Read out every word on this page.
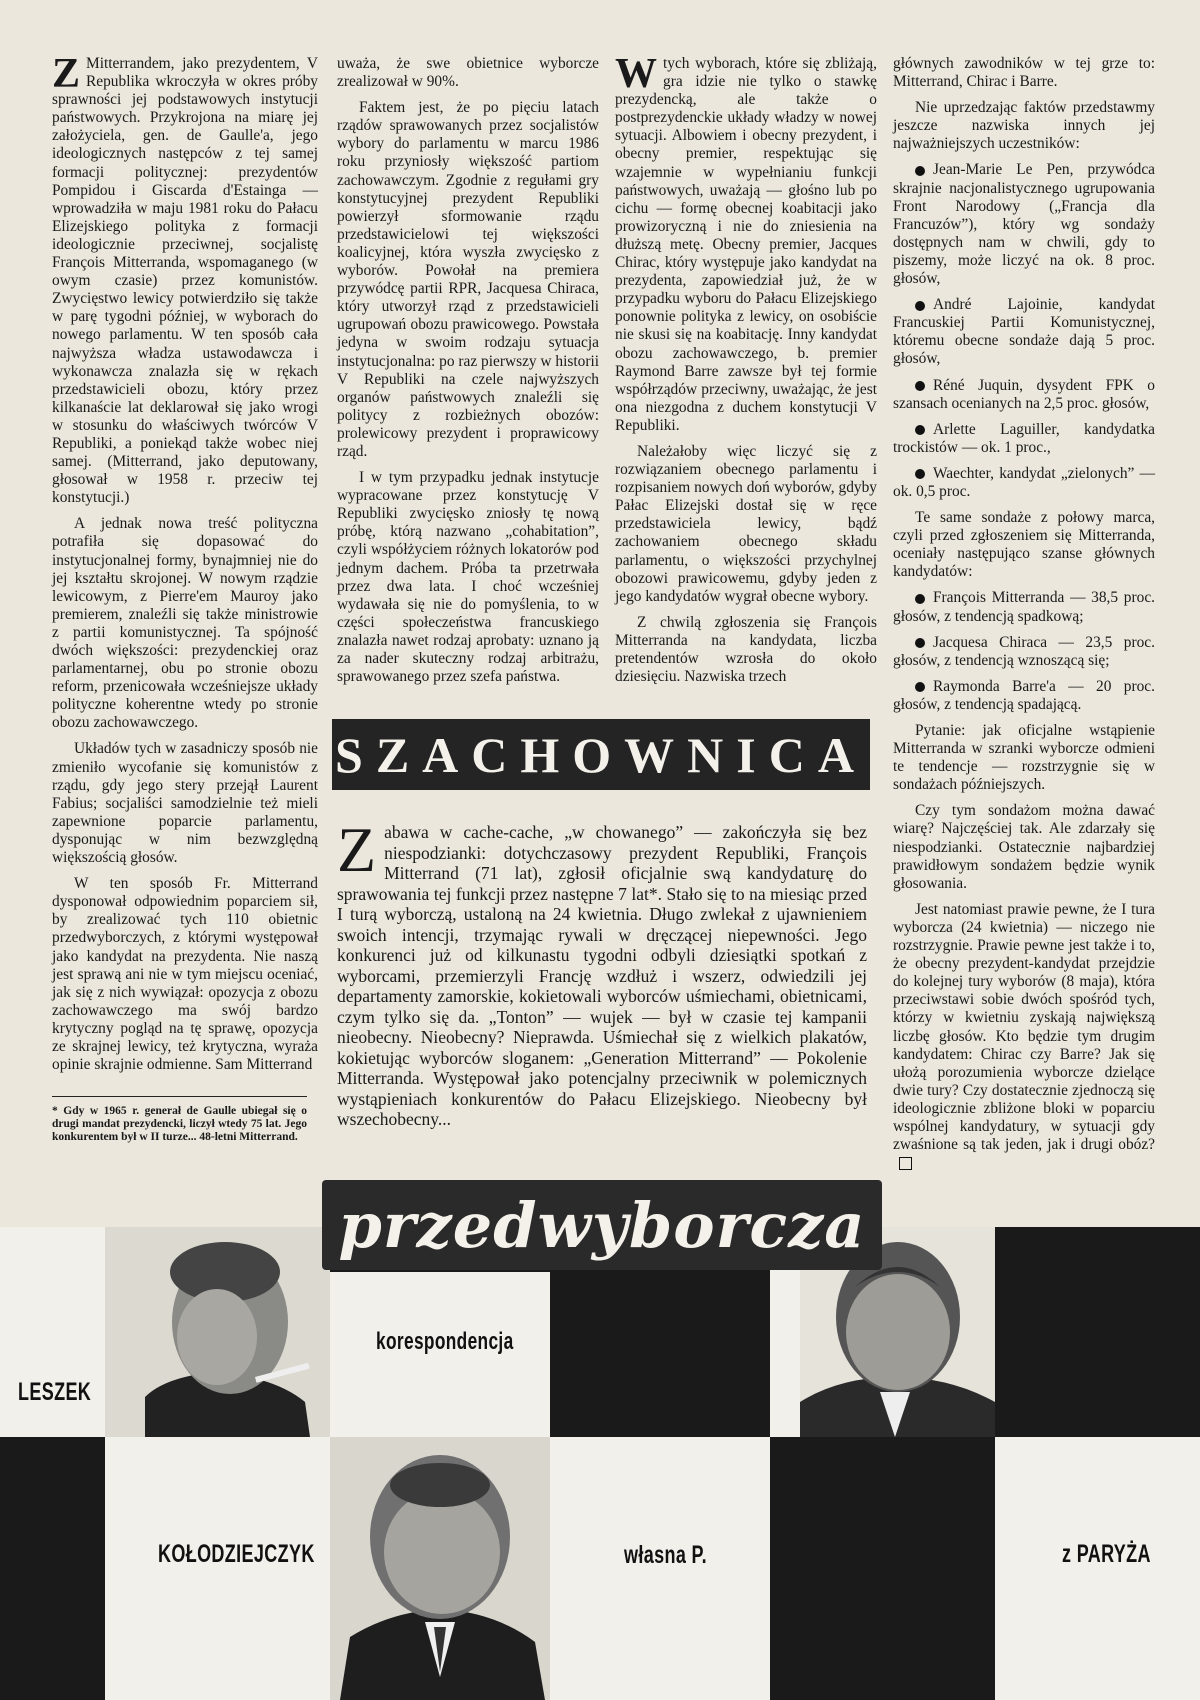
Z Mitterrandem, jako prezydentem, V Republika wkroczyła w okres próby sprawności jej podstawowych instytucji państwowych. Przykrojona na miarę jej założyciela, gen. de Gaulle'a, jego ideologicznych następców z tej samej formacji politycznej: prezydentów Pompidou i Giscarda d'Estainga — wprowadziła w maju 1981 roku do Pałacu Elizejskiego polityka z formacji ideologicznie przeciwnej, socjalistę François Mitterranda, wspomaganego (w owym czasie) przez komunistów. Zwycięstwo lewicy potwierdziło się także w parę tygodni później, w wyborach do nowego parlamentu. W ten sposób cała najwyższa władza ustawodawcza i wykonawcza znalazła się w rękach przedstawicieli obozu, który przez kilkanaście lat deklarował się jako wrogi w stosunku do właściwych twórców V Republiki, a poniekąd także wobec niej samej. (Mitterrand, jako deputowany, głosował w 1958 r. przeciw tej konstytucji.)

A jednak nowa treść polityczna potrafiła się dopasować do instytucjonalnej formy, bynajmniej nie do jej kształtu skrojonej. W nowym rządzie lewicowym, z Pierre'em Mauroy jako premierem, znaleźli się także ministrowie z partii komunistycznej. Ta spójność dwóch większości: prezydenckiej oraz parlamentarnej, obu po stronie obozu reform, przenicowała wcześniejsze układy polityczne koherentne wtedy po stronie obozu zachowawczego.

Układów tych w zasadniczy sposób nie zmieniło wycofanie się komunistów z rządu, gdy jego stery przejął Laurent Fabius; socjaliści samodzielnie też mieli zapewnione poparcie parlamentu, dysponując w nim bezwzględną większością głosów.

W ten sposób Fr. Mitterrand dysponował odpowiednim poparciem sił, by zrealizować tych 110 obietnic przedwyborczych, z którymi występował jako kandydat na prezydenta. Nie naszą jest sprawą ani nie w tym miejscu oceniać, jak się z nich wywiązał: opozycja z obozu zachowawczego ma swój bardzo krytyczny pogląd na tę sprawę, opozycja ze skrajnej lewicy, też krytyczna, wyraża opinie skrajnie odmienne. Sam Mitterrand

* Gdy w 1965 r. generał de Gaulle ubiegał się o drugi mandat prezydencki, liczył wtedy 75 lat. Jego konkurentem był w II turze... 48-letni Mitterrand.

uważa, że swe obietnice wyborcze zrealizował w 90%.

Faktem jest, że po pięciu latach rządów sprawowanych przez socjalistów wybory do parlamentu w marcu 1986 roku przyniosły większość partiom zachowawczym. Zgodnie z regułami gry konstytucyjnej prezydent Republiki powierzył sformowanie rządu przedstawicielowi tej większości koalicyjnej, która wyszła zwycięsko z wyborów. Powołał na premiera przywódcę partii RPR, Jacquesa Chiraca, który utworzył rząd z przedstawicieli ugrupowań obozu prawicowego. Powstała jedyna w swoim rodzaju sytuacja instytucjonalna: po raz pierwszy w historii V Republiki na czele najwyższych organów państwowych znaleźli się politycy z rozbieżnych obozów: prolewicowy prezydent i proprawicowy rząd.

I w tym przypadku jednak instytucje wypracowane przez konstytucję V Republiki zwycięsko zniosły tę nową próbę, którą nazwano „cohabitation”, czyli współżyciem różnych lokatorów pod jednym dachem. Próba ta przetrwała przez dwa lata. I choć wcześniej wydawała się nie do pomyślenia, to w części społeczeństwa francuskiego znalazła nawet rodzaj aprobaty: uznano ją za nader skuteczny rodzaj arbitrażu, sprawowanego przez szefa państwa.

Wtych wyborach, które się zbliżają, gra idzie nie tylko o stawkę prezydencką, ale także o postprezydenckie układy władzy w nowej sytuacji. Albowiem i obecny prezydent, i obecny premier, respektując się wzajemnie w wypełnianiu funkcji państwowych, uważają — głośno lub po cichu — formę obecnej koabitacji jako prowizoryczną i nie do zniesienia na dłuższą metę. Obecny premier, Jacques Chirac, który występuje jako kandydat na prezydenta, zapowiedział już, że w przypadku wyboru do Pałacu Elizejskiego ponownie polityka z lewicy, on osobiście nie skusi się na koabitację. Inny kandydat obozu zachowawczego, b. premier Raymond Barre zawsze był tej formie współrządów przeciwny, uważając, że jest ona niezgodna z duchem konstytucji V Republiki.

Należałoby więc liczyć się z rozwiązaniem obecnego parlamentu i rozpisaniem nowych doń wyborów, gdyby Pałac Elizejski dostał się w ręce przedstawiciela lewicy, bądź zachowaniem obecnego składu parlamentu, o większości przychylnej obozowi prawicowemu, gdyby jeden z jego kandydatów wygrał obecne wybory.

Z chwilą zgłoszenia się François Mitterranda na kandydata, liczba pretendentów wzrosła do około dziesięciu. Nazwiska trzech

głównych zawodników w tej grze to: Mitterrand, Chirac i Barre.

Nie uprzedzając faktów przedstawmy jeszcze nazwiska innych jej najważniejszych uczestników:

Jean-Marie Le Pen, przywódca skrajnie nacjonalistycznego ugrupowania Front Narodowy („Francja dla Francuzów”), który wg sondaży dostępnych nam w chwili, gdy to piszemy, może liczyć na ok. 8 proc. głosów,

André Lajoinie, kandydat Francuskiej Partii Komunistycznej, któremu obecne sondaże dają 5 proc. głosów,

Réné Juquin, dysydent FPK o szansach ocenianych na 2,5 proc. głosów,

Arlette Laguiller, kandydatka trockistów — ok. 1 proc.,

Waechter, kandydat „zielonych” — ok. 0,5 proc.

Te same sondaże z połowy marca, czyli przed zgłoszeniem się Mitterranda, oceniały następująco szanse głównych kandydatów:

François Mitterranda — 38,5 proc. głosów, z tendencją spadkową;

Jacquesa Chiraca — 23,5 proc. głosów, z tendencją wznoszącą się;

Raymonda Barre'a — 20 proc. głosów, z tendencją spadającą.

Pytanie: jak oficjalne wstąpienie Mitterranda w szranki wyborcze odmieni te tendencje — rozstrzygnie się w sondażach późniejszych.

Czy tym sondażom można dawać wiarę? Najczęściej tak. Ale zdarzały się niespodzianki. Ostatecznie najbardziej prawidłowym sondażem będzie wynik głosowania.

Jest natomiast prawie pewne, że I tura wyborcza (24 kwietnia) — niczego nie rozstrzygnie. Prawie pewne jest także i to, że obecny prezydent-kandydat przejdzie do kolejnej tury wyborów (8 maja), która przeciwstawi sobie dwóch spośród tych, którzy w kwietniu zyskają największą liczbę głosów. Kto będzie tym drugim kandydatem: Chirac czy Barre? Jak się ułożą porozumienia wyborcze dzielące dwie tury? Czy dostatecznie zjednoczą się ideologicznie zbliżone bloki w poparciu wspólnej kandydatury, w sytuacji gdy zwaśnione są tak jeden, jak i drugi obóz?

SZACHOWNICA
Zabawa w cache-cache, „w chowanego” — zakończyła się bez niespodzianki: dotychczasowy prezydent Republiki, François Mitterrand (71 lat), zgłosił oficjalnie swą kandydaturę do sprawowania tej funkcji przez następne 7 lat*. Stało się to na miesiąc przed I turą wyborczą, ustaloną na 24 kwietnia. Długo zwlekał z ujawnieniem swoich intencji, trzymając rywali w dręczącej niepewności. Jego konkurenci już od kilkunastu tygodni odbyli dziesiątki spotkań z wyborcami, przemierzyli Francję wzdłuż i wszerz, odwiedzili jej departamenty zamorskie, kokietowali wyborców uśmiechami, obietnicami, czym tylko się da. „Tonton” — wujek — był w czasie tej kampanii nieobecny. Nieobecny? Nieprawda. Uśmiechał się z wielkich plakatów, kokietując wyborców sloganem: „Generation Mitterrand” — Pokolenie Mitterranda. Występował jako potencjalny przeciwnik w polemicznych wystąpieniach konkurentów do Pałacu Elizejskiego. Nieobecny był wszechobecny...
przedwyborcza
LESZEK
korespondencja
KOŁODZIEJCZYK	własna P.	z PARYŻA
